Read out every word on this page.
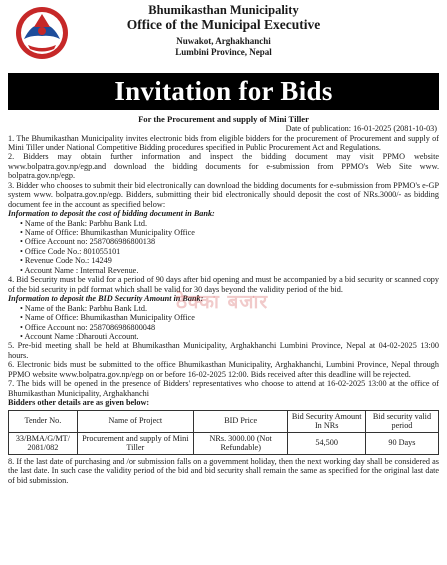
Bhumikasthan Municipality
Office of the Municipal Executive
Nuwakot, Arghakhanchi
Lumbini Province, Nepal
Invitation for Bids
For the Procurement and supply of Mini Tiller
Date of publication: 16-01-2025 (2081-10-03)

1. The Bhumikasthan Municipality invites electronic bids from eligible bidders for the procurement of Procurement and supply of Mini Tiller under National Competitive Bidding procedures specified in Public Procurement Act and Regulations.

2. Bidders may obtain further information and inspect the bidding document may visit PPMO website www.bolpatra.gov.np/egp.and download the bidding documents for e-submission from PPMO's Web Site www. bolpatra.gov.np/egp.

3. Bidder who chooses to submit their bid electronically can download the bidding documents for e-submission from PPMO's e-GP system www. bolpatra.gov.np/egp. Bidders, submitting their bid electronically should deposit the cost of NRs.3000/- as bidding document fee in the account as specified below:

Information to deposit the cost of bidding document in Bank:
• Name of the Bank: Parbhu Bank Ltd.
• Name of Office: Bhumikasthan Municipality Office
• Office Account no: 2587086986800138
• Office Code No.: 801055101
• Revenue Code No.: 14249
• Account Name : Internal Revenue.

4. Bid Security must be valid for a period of 90 days after bid opening and must be accompanied by a bid security or scanned copy of the bid security in pdf format which shall be valid for 30 days beyond the validity period of the bid.

Information to deposit the BID Security Amount in Bank:
• Name of the Bank: Parbhu Bank Ltd.
• Name of Office: Bhumikasthan Municipality Office
• Office Account no: 2587086986800048
• Account Name :Dharouti Account.

5. Pre-bid meeting shall be held at Bhumikasthan Municipality, Arghakhanchi Lumbini Province, Nepal at 04-02-2025 13:00 hours.

6. Electronic bids must be submitted to the office Bhumikasthan Municipality, Arghakhanchi, Lumbini Province, Nepal through PPMO website www.bolpatra.gov.np/egp on or before 16-02-2025 12:00. Bids received after this deadline will be rejected.

7. The bids will be opened in the presence of Bidders' representatives who choose to attend at 16-02-2025 13:00 at the office of Bhumikasthan Municipality, Arghakhanchi

Bidders other details are as given below:
Tender No.	Name of Project	BID Price	Bid Security Amount In NRs	Bid security valid period
33/BMA/G/MT/ 2081/082	Procurement and supply of Mini Tiller	NRs. 3000.00 (Not Refundable)	54,500	90 Days

8. If the last date of purchasing and /or submission falls on a government holiday, then the next working day shall be considered as the last date. In such case the validity period of the bid and bid security shall remain the same as specified for the original last date of bid submission.

ठेक्का बजार
